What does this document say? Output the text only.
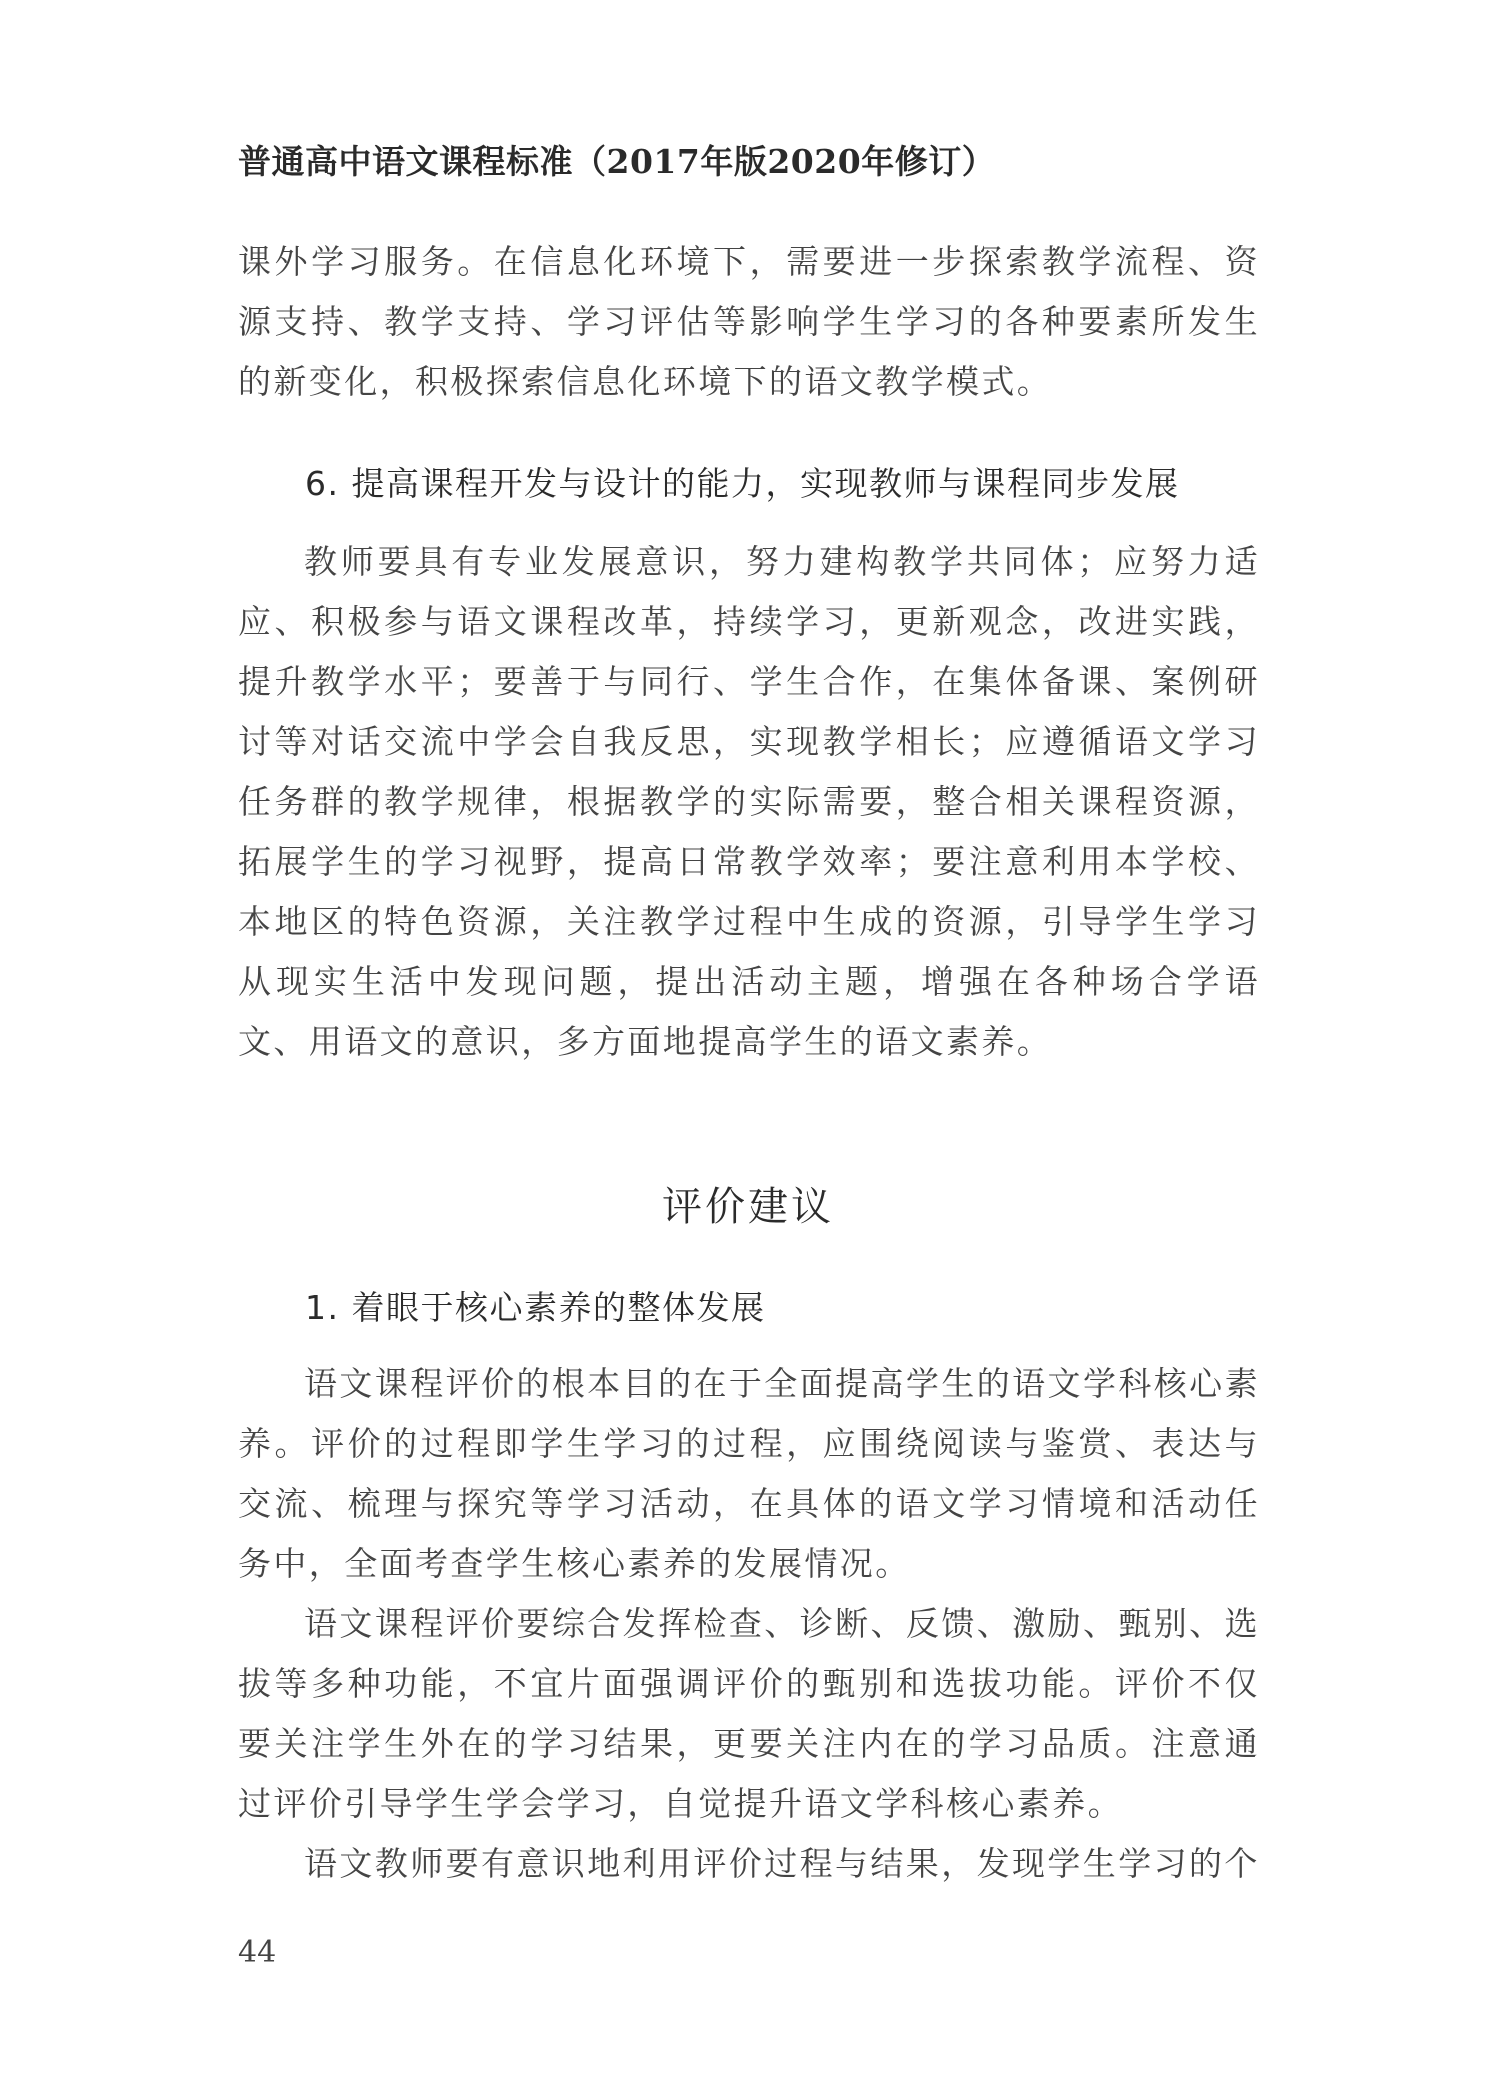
普通高中语文课程标准（2017年版2020年修订）

课外学习服务。在信息化环境下，需要进一步探索教学流程、资源支持、教学支持、学习评估等影响学生学习的各种要素所发生的新变化，积极探索信息化环境下的语文教学模式。

6. 提高课程开发与设计的能力，实现教师与课程同步发展

教师要具有专业发展意识，努力建构教学共同体；应努力适应、积极参与语文课程改革，持续学习，更新观念，改进实践，提升教学水平；要善于与同行、学生合作，在集体备课、案例研讨等对话交流中学会自我反思，实现教学相长；应遵循语文学习任务群的教学规律，根据教学的实际需要，整合相关课程资源，拓展学生的学习视野，提高日常教学效率；要注意利用本学校、本地区的特色资源，关注教学过程中生成的资源，引导学生学习从现实生活中发现问题，提出活动主题，增强在各种场合学语文、用语文的意识，多方面地提高学生的语文素养。

评价建议
1. 着眼于核心素养的整体发展

语文课程评价的根本目的在于全面提高学生的语文学科核心素养。评价的过程即学生学习的过程，应围绕阅读与鉴赏、表达与交流、梳理与探究等学习活动，在具体的语文学习情境和活动任务中，全面考查学生核心素养的发展情况。

语文课程评价要综合发挥检查、诊断、反馈、激励、甄别、选拔等多种功能，不宜片面强调评价的甄别和选拔功能。评价不仅要关注学生外在的学习结果，更要关注内在的学习品质。注意通过评价引导学生学会学习，自觉提升语文学科核心素养。

语文教师要有意识地利用评价过程与结果，发现学生学习的个

44
